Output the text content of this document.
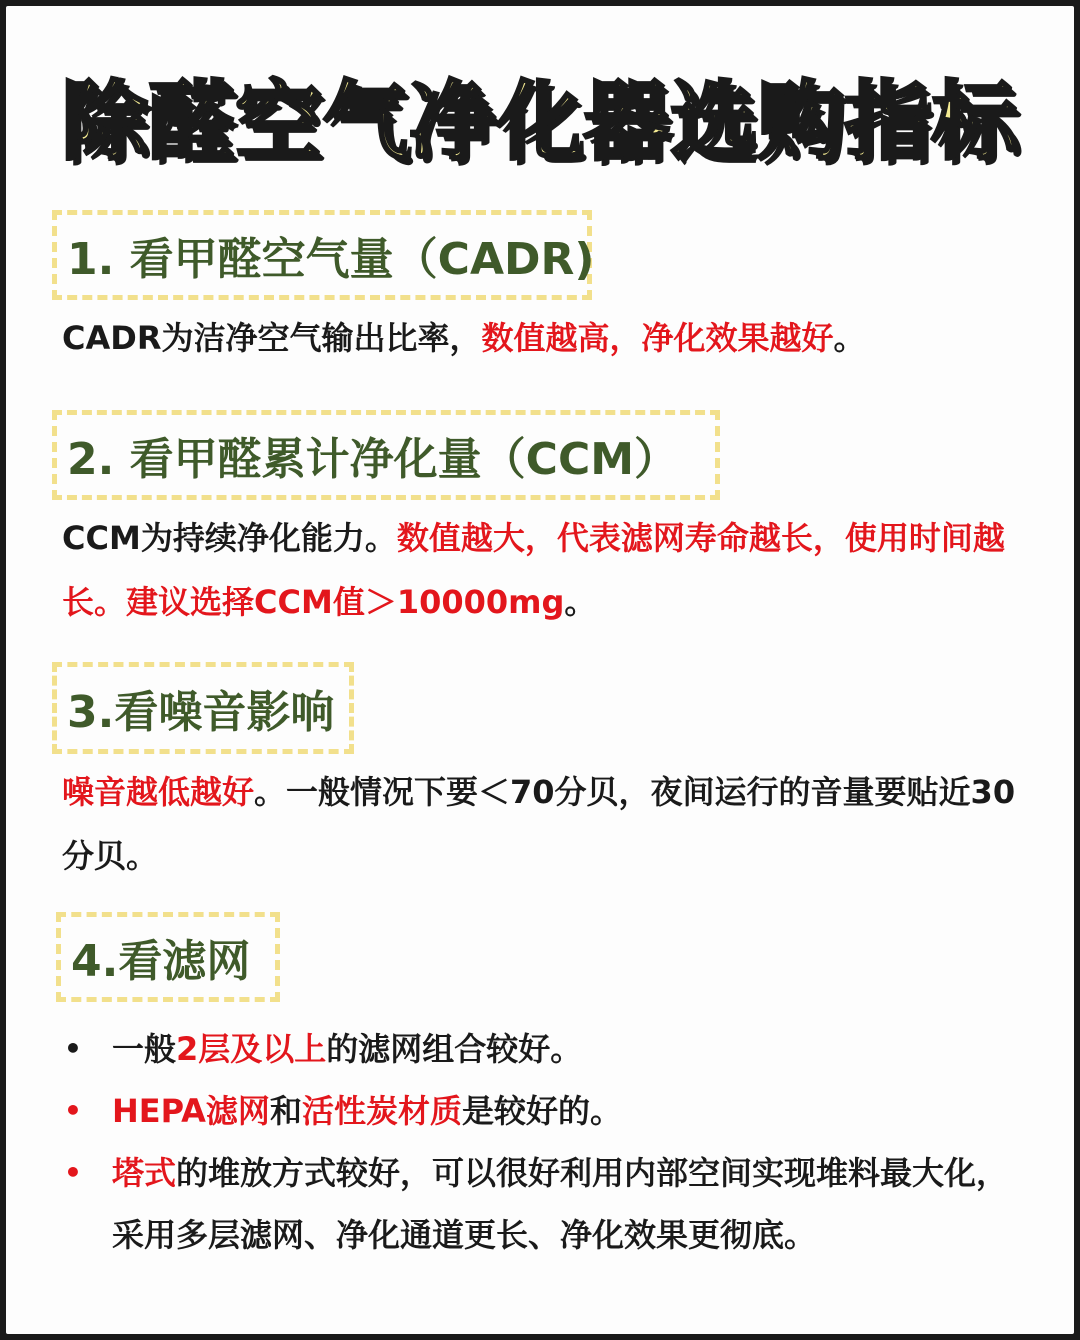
除醛空气净化器选购指标
1. 看甲醛空气量（CADR)
CADR为洁净空气输出比率，数值越高，净化效果越好。
2. 看甲醛累计净化量（CCM）
CCM为持续净化能力。数值越大，代表滤网寿命越长，使用时间越长。建议选择CCM值＞10000mg。
3.看噪音影响
噪音越低越好。一般情况下要＜70分贝，夜间运行的音量要贴近30分贝。
4.看滤网
• 一般2层及以上的滤网组合较好。
• HEPA滤网和活性炭材质是较好的。
• 塔式的堆放方式较好，可以很好利用内部空间实现堆料最大化，采用多层滤网、净化通道更长、净化效果更彻底。
